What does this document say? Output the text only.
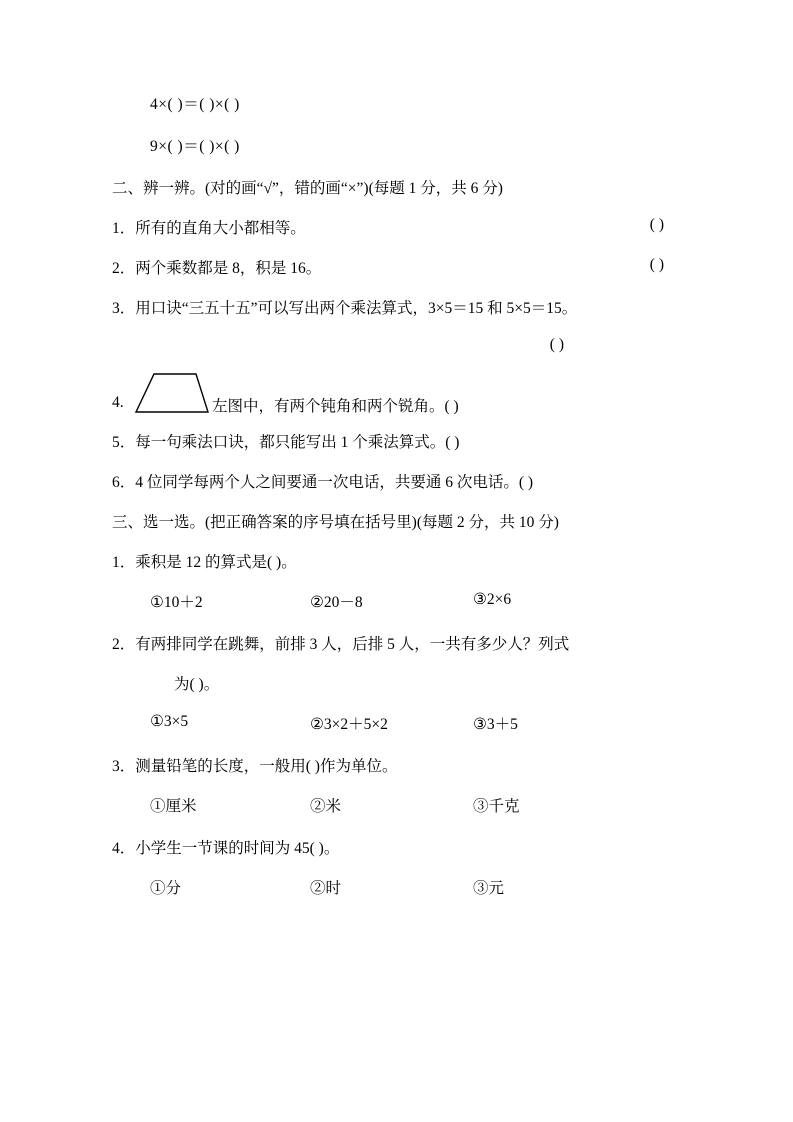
4×( )＝( )×( )
9×( )＝( )×( )
二、辨一辨。(对的画“√”，错的画“×”)(每题 1 分，共 6 分)
( )
1．所有的直角大小都相等。
( )
2．两个乘数都是 8，积是 16。
3．用口诀“三五十五”可以写出两个乘法算式，3×5＝15 和 5×5＝15。
( )
4.	左图中，有两个钝角和两个锐角。( )
5．每一句乘法口诀，都只能写出 1 个乘法算式。( )
6．4 位同学每两个人之间要通一次电话，共要通 6 次电话。( )
三、选一选。(把正确答案的序号填在括号里)(每题 2 分，共 10 分)
1．乘积是 12 的算式是( )。
①10＋2	②20－8	③2×6
2．有两排同学在跳舞，前排 3 人，后排 5 人，一共有多少人？列式
为( )。
①3×5	②3×2＋5×2	③3＋5
3．测量铅笔的长度，一般用( )作为单位。
①厘米	②米	③千克
4．小学生一节课的时间为 45( )。
①分	②时	③元
